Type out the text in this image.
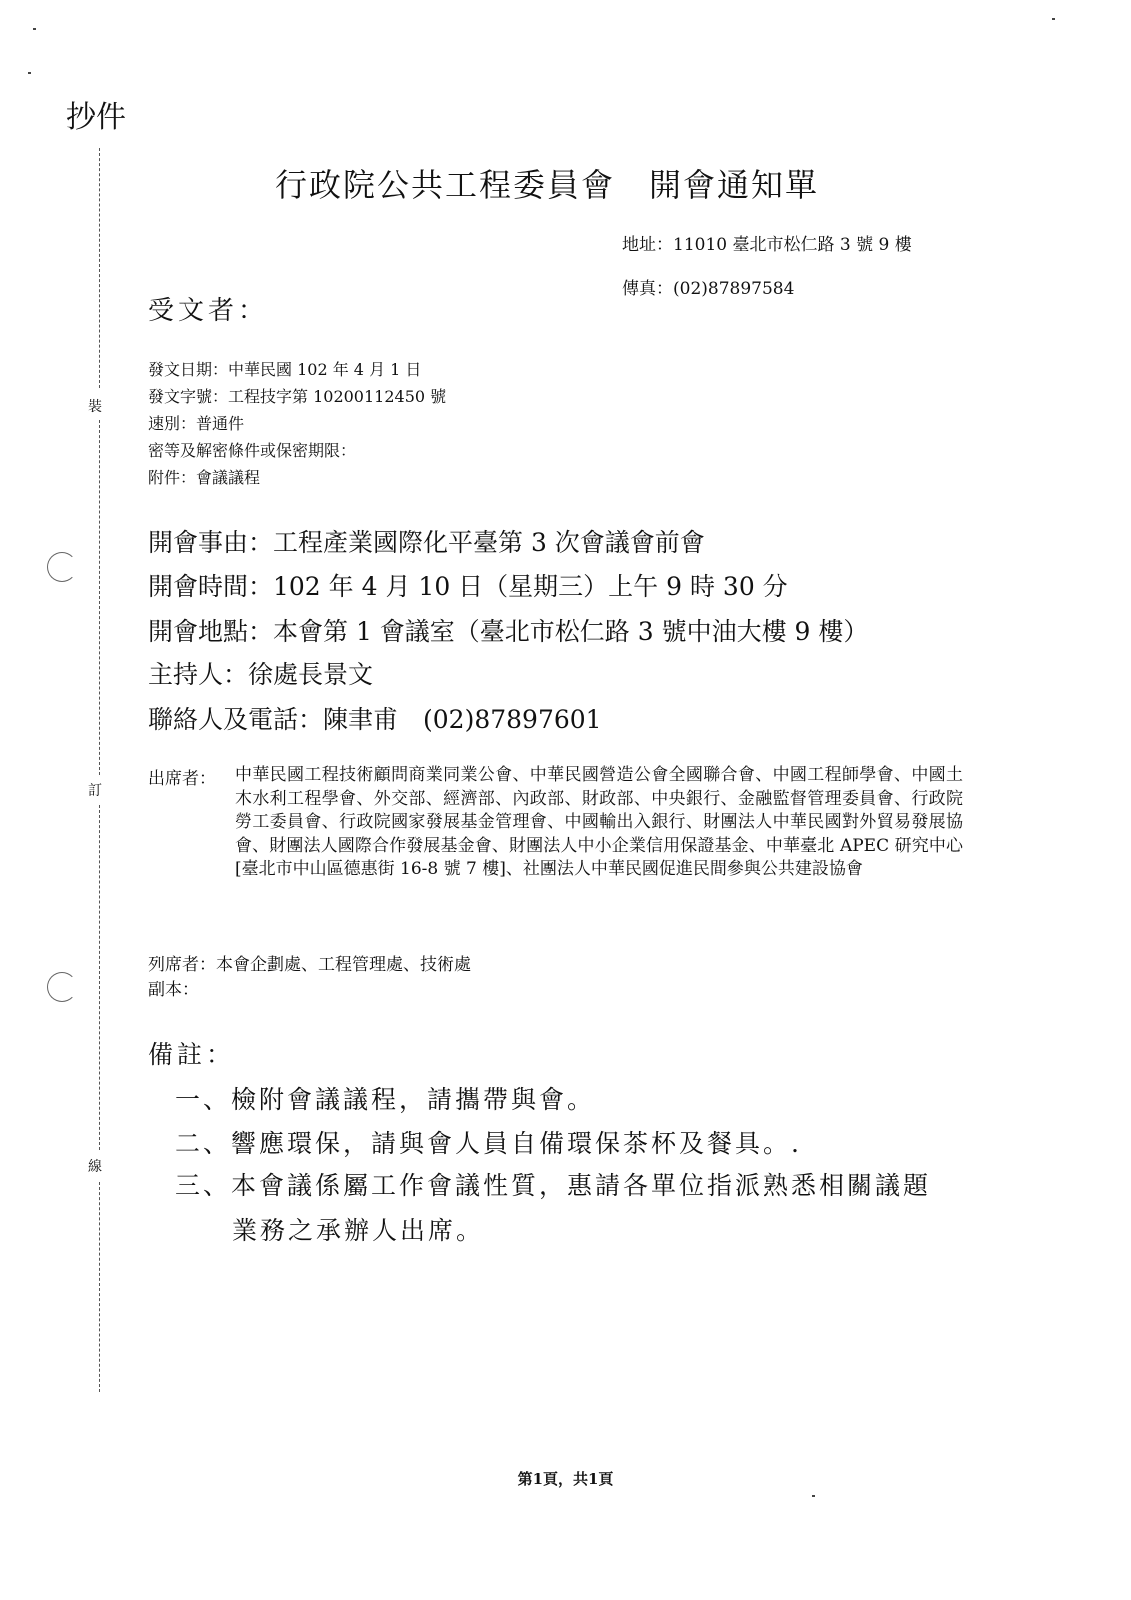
裝
訂
線
抄件
行政院公共工程委員會　開會通知單
地址：11010 臺北市松仁路 3 號 9 樓
傳真：(02)87897584
受文者：
發文日期：中華民國 102 年 4 月 1 日
發文字號：工程技字第 10200112450 號
速別：普通件
密等及解密條件或保密期限：
附件：會議議程
開會事由：工程產業國際化平臺第 3 次會議會前會
開會時間：102 年 4 月 10 日（星期三）上午 9 時 30 分
開會地點：本會第 1 會議室（臺北市松仁路 3 號中油大樓 9 樓）
主持人：徐處長景文
聯絡人及電話：陳聿甫　(02)87897601
出席者： 中華民國工程技術顧問商業同業公會、中華民國營造公會全國聯合會、中國工程師學會、中國土木水利工程學會、外交部、經濟部、內政部、財政部、中央銀行、金融監督管理委員會、行政院勞工委員會、行政院國家發展基金管理會、中國輸出入銀行、財團法人中華民國對外貿易發展協會、財團法人國際合作發展基金會、財團法人中小企業信用保證基金、中華臺北 APEC 研究中心[臺北市中山區德惠街 16-8 號 7 樓]、社團法人中華民國促進民間參與公共建設協會
列席者：本會企劃處、工程管理處、技術處
副本：
備註：
一、檢附會議議程，請攜帶與會。
二、響應環保，請與會人員自備環保茶杯及餐具。.
三、本會議係屬工作會議性質，惠請各單位指派熟悉相關議題
業務之承辦人出席。
第1頁，共1頁
